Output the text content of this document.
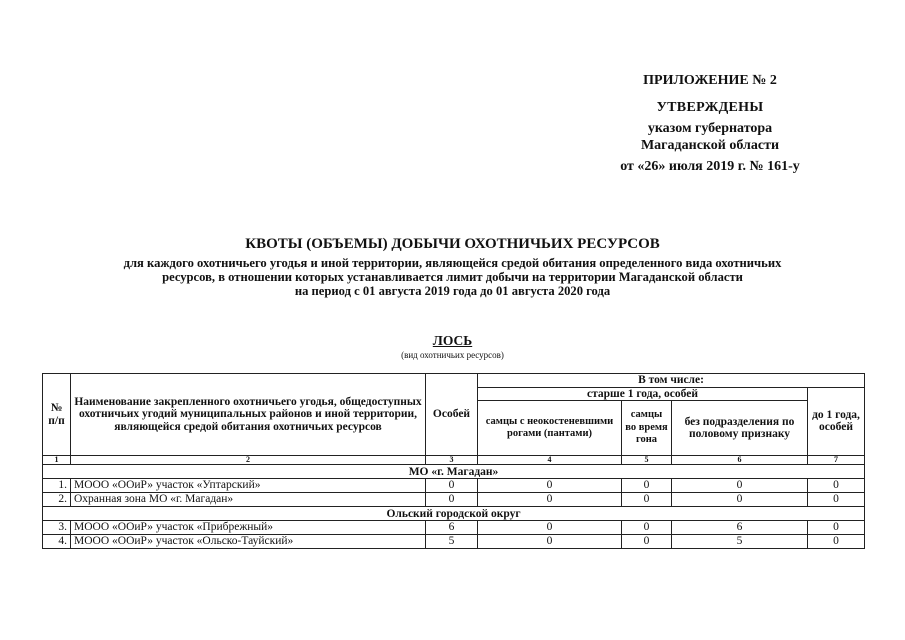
ПРИЛОЖЕНИЕ № 2
УТВЕРЖДЕНЫ
указом губернатора
Магаданской области
от «26» июля 2019 г. № 161-у
КВОТЫ (ОБЪЕМЫ) ДОБЫЧИ ОХОТНИЧЬИХ РЕСУРСОВ
для каждого охотничьего угодья и иной территории, являющейся средой обитания определенного вида охотничьих
ресурсов, в отношении которых устанавливается лимит добычи на территории Магаданской области
на период с 01 августа 2019 года до 01 августа 2020 года
ЛОСЬ
(вид охотничьих ресурсов)
№ п/п	Наименование закрепленного охотничьего угодья, общедоступных охотничьих угодий муниципальных районов и иной территории, являющейся средой обитания охотничьих ресурсов	Особей	В том числе:			
			старше 1 года, особей			до 1 года, особей
			самцы с неокостеневшими рогами (пантами)	самцы во время гона	без подразделения по половому признаку	
1	2	3	4	5	6	7
МО «г. Магадан»						
1.	МООО «ООиР» участок «Уптарский»	0	0	0	0	0
2.	Охранная зона МО «г. Магадан»	0	0	0	0	0
Ольский городской округ						
3.	МООО «ООиР» участок «Прибрежный»	6	0	0	6	0
4.	МООО «ООиР» участок «Ольско-Тауйский»	5	0	0	5	0
